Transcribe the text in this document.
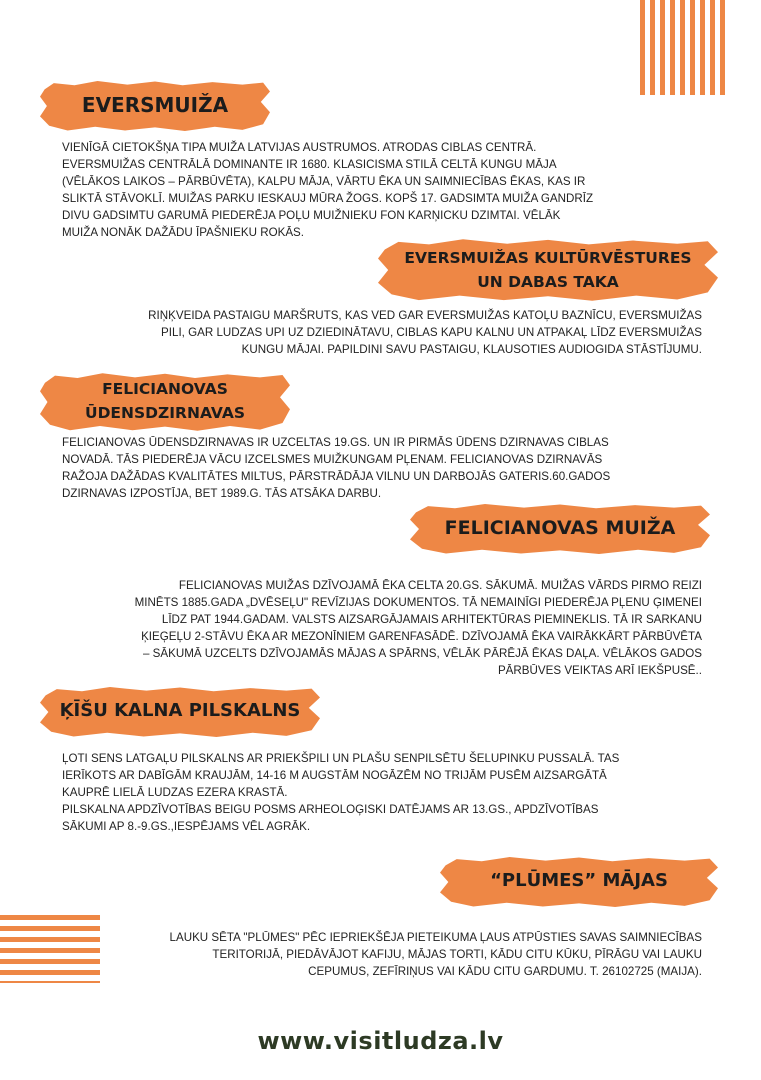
EVERSMUIŽA
VIENĪGĀ CIETOKŠŅA TIPA MUIŽA LATVIJAS AUSTRUMOS. ATRODAS CIBLAS CENTRĀ.
EVERSMUIŽAS CENTRĀLĀ DOMINANTE IR 1680. KLASICISMA STILĀ CELTĀ KUNGU MĀJA
(VĒLĀKOS LAIKOS – PĀRBŪVĒTA), KALPU MĀJA, VĀRTU ĒKA UN SAIMNIECĪBAS ĒKAS, KAS IR
SLIKTĀ STĀVOKLĪ. MUIŽAS PARKU IESKAUJ MŪRA ŽOGS. KOPŠ 17. GADSIMTA MUIŽA GANDRĪZ
DIVU GADSIMTU GARUMĀ PIEDERĒJA POĻU MUIŽNIEKU FON KARŅICKU DZIMTAI. VĒLĀK
MUIŽA NONĀK DAŽĀDU ĪPAŠNIEKU ROKĀS.
EVERSMUIŽAS KULTŪRVĒSTURES
UN DABAS TAKA
RIŅĶVEIDA PASTAIGU MARŠRUTS, KAS VED GAR EVERSMUIŽAS KATOĻU BAZNĪCU, EVERSMUIŽAS
PILI, GAR LUDZAS UPI UZ DZIEDINĀTAVU, CIBLAS KAPU KALNU UN ATPAKAĻ LĪDZ EVERSMUIŽAS
KUNGU MĀJAI. PAPILDINI SAVU PASTAIGU, KLAUSOTIES AUDIOGIDA STĀSTĪJUMU.
FELICIANOVAS
ŪDENSDZIRNAVAS
FELICIANOVAS ŪDENSDZIRNAVAS IR UZCELTAS 19.GS. UN IR PIRMĀS ŪDENS DZIRNAVAS CIBLAS
NOVADĀ. TĀS PIEDERĒJA VĀCU IZCELSMES MUIŽKUNGAM PĻENAM. FELICIANOVAS DZIRNAVĀS
RAŽOJA DAŽĀDAS KVALITĀTES MILTUS, PĀRSTRĀDĀJA VILNU UN DARBOJĀS GATERIS.60.GADOS
DZIRNAVAS IZPOSTĪJA, BET 1989.G. TĀS ATSĀKA DARBU.
FELICIANOVAS MUIŽA
FELICIANOVAS MUIŽAS DZĪVOJAMĀ ĒKA CELTA 20.GS. SĀKUMĀ. MUIŽAS VĀRDS PIRMO REIZI
MINĒTS 1885.GADA „DVĒSEĻU" REVĪZIJAS DOKUMENTOS. TĀ NEMAINĪGI PIEDERĒJA PĻENU ĢIMENEI
LĪDZ PAT 1944.GADAM. VALSTS AIZSARGĀJAMAIS ARHITEKTŪRAS PIEMINEKLIS. TĀ IR SARKANU
ĶIEĢEĻU 2-STĀVU ĒKA AR MEZONĪNIEM GARENFASĀDĒ. DZĪVOJAMĀ ĒKA VAIRĀKKĀRT PĀRBŪVĒTA
– SĀKUMĀ UZCELTS DZĪVOJAMĀS MĀJAS A SPĀRNS, VĒLĀK PĀRĒJĀ ĒKAS DAĻA. VĒLĀKOS GADOS
PĀRBŪVES VEIKTAS ARĪ IEKŠPUSĒ..
ĶĪŠU KALNA PILSKALNS
ĻOTI SENS LATGAĻU PILSKALNS AR PRIEKŠPILI UN PLAŠU SENPILSĒTU ŠELUPINKU PUSSALĀ. TAS
IERĪKOTS AR DABĪGĀM KRAUJĀM, 14-16 M AUGSTĀM NOGĀZĒM NO TRIJĀM PUSĒM AIZSARGĀTĀ
KAUPRĒ LIELĀ LUDZAS EZERA KRASTĀ.
PILSKALNA APDZĪVOTĪBAS BEIGU POSMS ARHEOLOĢISKI DATĒJAMS AR 13.GS., APDZĪVOTĪBAS
SĀKUMI AP 8.-9.GS.,IESPĒJAMS VĒL AGRĀK.
“PLŪMES” MĀJAS
LAUKU SĒTA "PLŪMES" PĒC IEPRIEKŠĒJA PIETEIKUMA ĻAUS ATPŪSTIES SAVAS SAIMNIECĪBAS
TERITORIJĀ, PIEDĀVĀJOT KAFIJU, MĀJAS TORTI, KĀDU CITU KŪKU, PĪRĀGU VAI LAUKU
CEPUMUS, ZEFĪRIŅUS VAI KĀDU CITU GARDUMU. T. 26102725 (MAIJA).
www.visitludza.lv
